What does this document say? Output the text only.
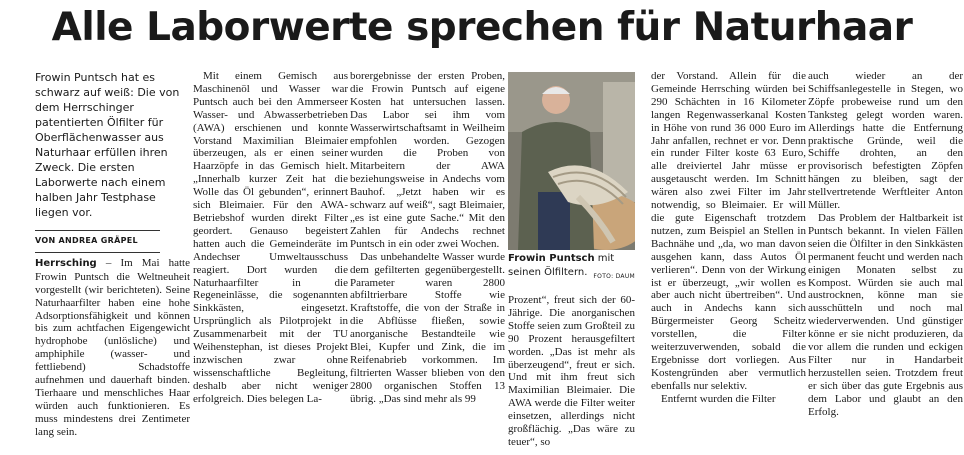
Alle Laborwerte sprechen für Naturhaar

Frowin Puntsch hat es schwarz auf weiß: Die von dem Herrschinger patentierten Ölfilter für Oberflächenwasser aus Naturhaar erfüllen ihren Zweck. Die ersten Laborwerte nach einem halben Jahr Testphase liegen vor.

VON ANDREA GRÄPEL

Herrsching – Im Mai hatte Frowin Puntsch die Weltneuheit vorgestellt (wir berichteten). Seine Naturhaarfilter haben eine hohe Adsorptionsfähigkeit und können bis zum achtfachen Eigengewicht hydrophobe (unlösliche) und amphiphile (wasser- und fettliebend) Schadstoffe aufnehmen und dauerhaft binden. Tierhaare und menschliches Haar würden auch funktionieren. Es muss mindestens drei Zentimeter lang sein.

Mit einem Gemisch aus Maschinenöl und Wasser war Puntsch auch bei den Ammerseer Wasser- und Abwasserbetrieben (AWA) erschienen und konnte Vorstand Maximilian Bleimaier überzeugen, als er einen seiner Haarzöpfe in das Gemisch hielt. „Innerhalb kurzer Zeit hat die Wolle das Öl gebunden“, erinnert sich Bleimaier. Für den AWA-Betriebshof wurden direkt Filter geordert. Genauso begeistert hatten auch die Gemeinderäte im Andechser Umweltausschuss reagiert. Dort wurden die Naturhaarfilter in die Regeneinlässe, die sogenannten Sinkkästen, eingesetzt. Ursprünglich als Pilotprojekt in Zusammenarbeit mit der TU Weihenstephan, ist dieses Projekt inzwischen zwar ohne wissenschaftliche Begleitung, deshalb aber nicht weniger erfolgreich. Dies belegen La-

borergebnisse der ersten Proben, die Frowin Puntsch auf eigene Kosten hat untersuchen lassen. Das Labor sei ihm vom Wasserwirtschaftsamt in Weilheim empfohlen worden. Gezogen wurden die Proben von Mitarbeitern der AWA beziehungsweise in Andechs vom Bauhof. „Jetzt haben wir es schwarz auf weiß“, sagt Bleimaier, „es ist eine gute Sache.“ Mit den Zahlen für Andechs rechnet Puntsch in ein oder zwei Wochen.

Das unbehandelte Wasser wurde dem gefilterten gegenübergestellt. Parameter waren 2800 abfiltrierbare Stoffe wie Kraftstoffe, die von der Straße in die Abflüsse fließen, sowie anorganische Bestandteile wie Blei, Kupfer und Zink, die im Reifenabrieb vorkommen. Im filtrierten Wasser blieben von den 2800 organischen Stoffen 13 übrig. „Das sind mehr als 99

Frowin Puntsch mit seinen Ölfiltern. FOTO: DAUM

Prozent“, freut sich der 60-Jährige. Die anorganischen Stoffe seien zum Großteil zu 90 Prozent herausgefiltert worden. „Das ist mehr als überzeugend“, freut er sich. Und mit ihm freut sich Maximilian Bleimaier. Die AWA werde die Filter weiter einsetzen, allerdings nicht großflächig. „Das wäre zu teuer“, so

der Vorstand. Allein für die Gemeinde Herrsching würden bei 290 Schächten in 16 Kilometer langen Regenwasserkanal Kosten in Höhe von rund 36 000 Euro im Jahr anfallen, rechnet er vor. Denn ein runder Filter koste 63 Euro, alle dreiviertel Jahr müsse er ausgetauscht werden. Im Schnitt wären also zwei Filter im Jahr notwendig, so Bleimaier. Er will die gute Eigenschaft trotzdem nutzen, zum Beispiel an Stellen in Bachnähe und „da, wo man davon ausgehen kann, dass Autos Öl verlieren“. Denn von der Wirkung ist er überzeugt, „wir wollen es aber auch nicht übertreiben“. Und auch in Andechs kann sich Bürgermeister Georg Scheitz vorstellen, die Filter weiterzuverwenden, sobald die Ergebnisse dort vorliegen. Aus Kostengründen aber vermutlich ebenfalls nur selektiv.

Entfernt wurden die Filter

auch wieder an der Schiffsanlegestelle in Stegen, wo Zöpfe probeweise rund um den Tanksteg gelegt worden waren. Allerdings hatte die Entfernung praktische Gründe, weil die Schiffe drohten, an den provisorisch befestigten Zöpfen hängen zu bleiben, sagt der stellvertretende Werftleiter Anton Müller.

Das Problem der Haltbarkeit ist Puntsch bekannt. In vielen Fällen seien die Ölfilter in den Sinkkästen permanent feucht und werden nach einigen Monaten selbst zu Kompost. Würden sie auch mal austrocknen, könne man sie ausschütteln und noch mal wiederverwenden. Und günstiger könne er sie nicht produzieren, da vor allem die runden und eckigen Filter nur in Handarbeit herzustellen seien. Trotzdem freut er sich über das gute Ergebnis aus dem Labor und glaubt an den Erfolg.
